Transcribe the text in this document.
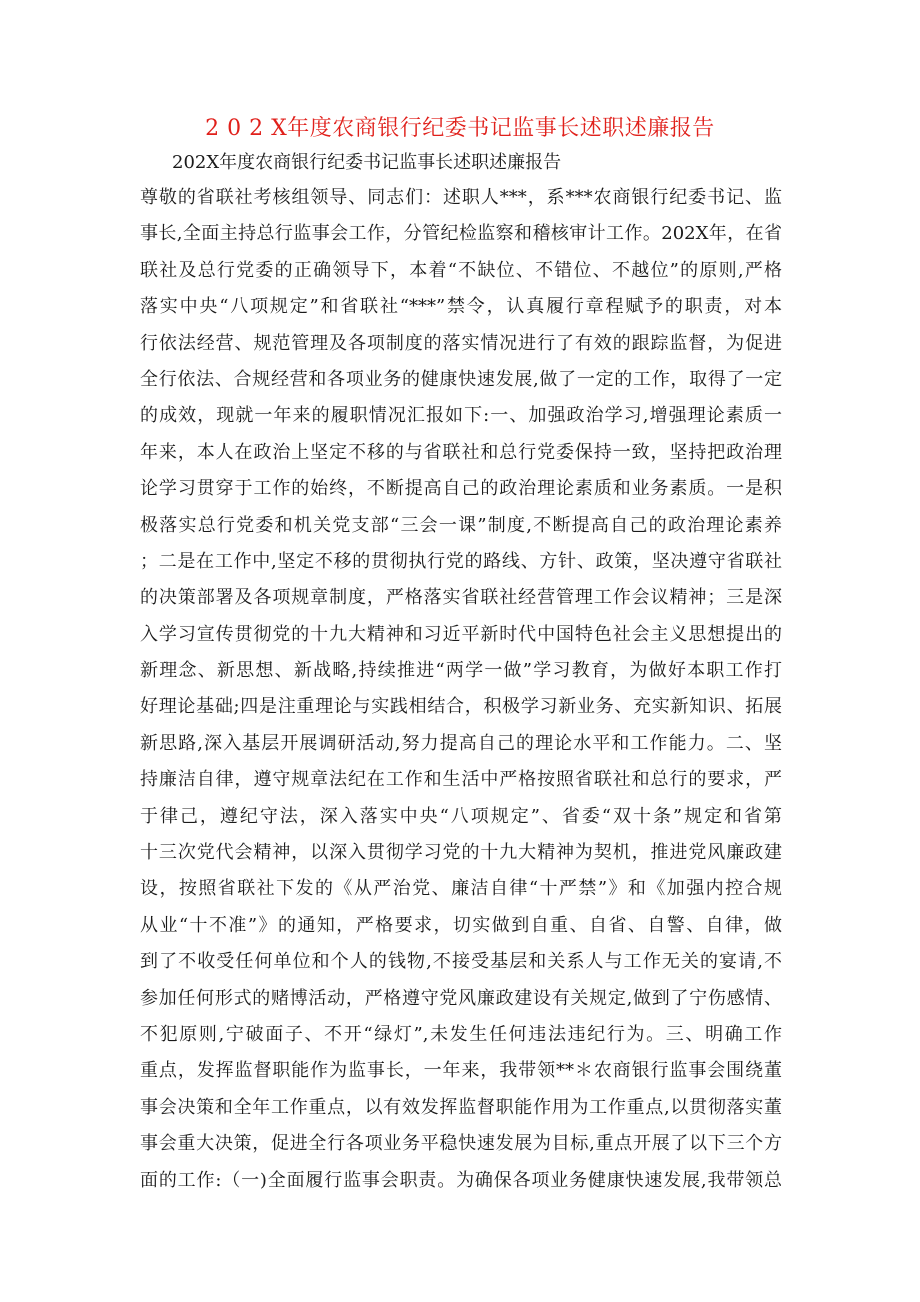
2 0 2 X年度农商银行纪委书记监事长述职述廉报告
202X年度农商银行纪委书记监事长述职述廉报告
尊敬的省联社考核组领导、同志们：述职人***，系***农商银行纪委书记、监
事长,全面主持总行监事会工作，分管纪检监察和稽核审计工作。202X年，在省
联社及总行党委的正确领导下，本着“不缺位、不错位、不越位”的原则,严格
落实中央“八项规定”和省联社“***”禁令，认真履行章程赋予的职责，对本
行依法经营、规范管理及各项制度的落实情况进行了有效的跟踪监督，为促进
全行依法、合规经营和各项业务的健康快速发展,做了一定的工作，取得了一定
的成效，现就一年来的履职情况汇报如下:一、加强政治学习,增强理论素质一
年来，本人在政治上坚定不移的与省联社和总行党委保持一致，坚持把政治理
论学习贯穿于工作的始终，不断提高自己的政治理论素质和业务素质。一是积
极落实总行党委和机关党支部“三会一课”制度,不断提高自己的政治理论素养
；二是在工作中,坚定不移的贯彻执行党的路线、方针、政策，坚决遵守省联社
的决策部署及各项规章制度，严格落实省联社经营管理工作会议精神；三是深
入学习宣传贯彻党的十九大精神和习近平新时代中国特色社会主义思想提出的
新理念、新思想、新战略,持续推进“两学一做”学习教育，为做好本职工作打
好理论基础;四是注重理论与实践相结合，积极学习新业务、充实新知识、拓展
新思路,深入基层开展调研活动,努力提高自己的理论水平和工作能力。二、坚
持廉洁自律，遵守规章法纪在工作和生活中严格按照省联社和总行的要求，严
于律己，遵纪守法，深入落实中央“八项规定”、省委“双十条”规定和省第
十三次党代会精神，以深入贯彻学习党的十九大精神为契机，推进党风廉政建
设，按照省联社下发的《从严治党、廉洁自律“十严禁”》和《加强内控合规
从业“十不准”》的通知，严格要求，切实做到自重、自省、自警、自律，做
到了不收受任何单位和个人的钱物,不接受基层和关系人与工作无关的宴请,不
参加任何形式的赌博活动，严格遵守党风廉政建设有关规定,做到了宁伤感情、
不犯原则,宁破面子、不开“绿灯”,未发生任何违法违纪行为。三、明确工作
重点，发挥监督职能作为监事长，一年来，我带领**＊农商银行监事会围绕董
事会决策和全年工作重点，以有效发挥监督职能作用为工作重点,以贯彻落实董
事会重大决策，促进全行各项业务平稳快速发展为目标,重点开展了以下三个方
面的工作:（一)全面履行监事会职责。为确保各项业务健康快速发展,我带领总
